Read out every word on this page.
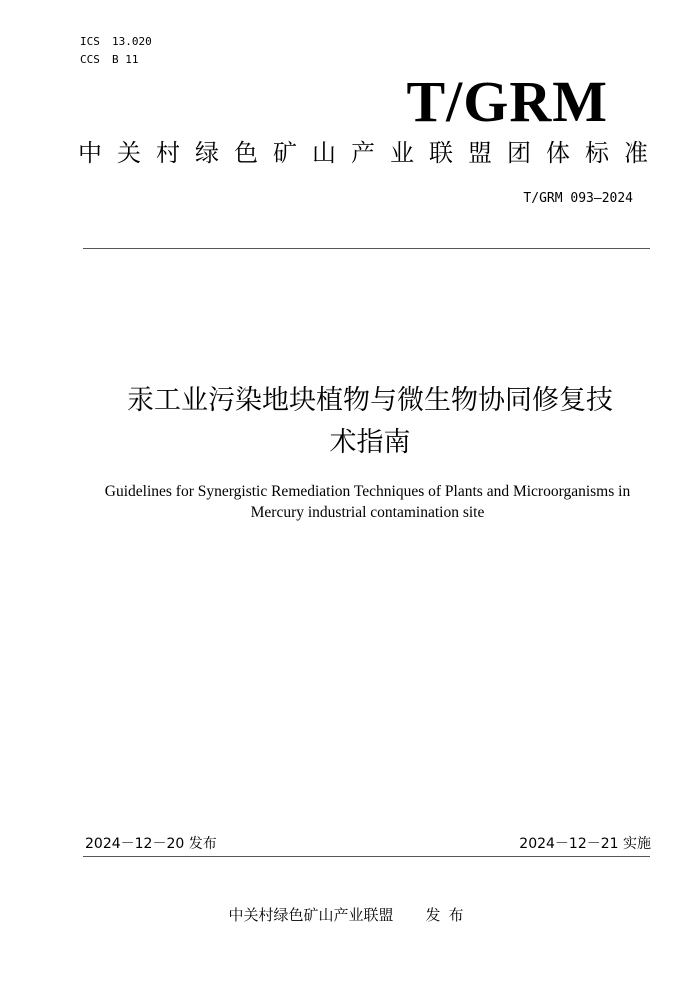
ICS 13.020
CCS B 11
T/GRM
中关村绿色矿山产业联盟团体标准
T/GRM 093—2024
汞工业污染地块植物与微生物协同修复技
术指南
Guidelines for Synergistic Remediation Techniques of Plants and Microorganisms in
Mercury industrial contamination site
2024－12－20 发布	2024－12－21 实施
中关村绿色矿山产业联盟 发布
